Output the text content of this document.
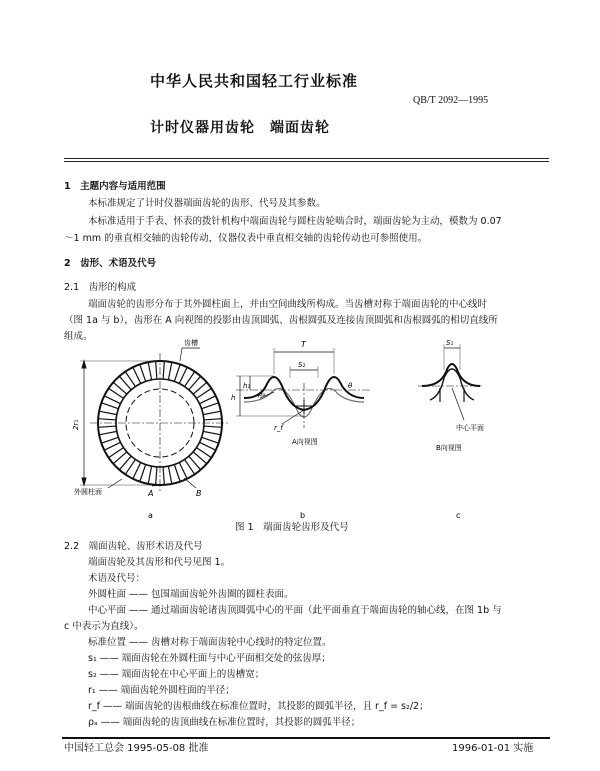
中华人民共和国轻工行业标准
QB/T 2092—1995
计时仪器用齿轮　端面齿轮
1　主题内容与适用范围
本标准规定了计时仪器端面齿轮的齿形、代号及其参数。
本标准适用于手表、怀表的拨针机构中端面齿轮与圆柱齿轮啮合时，端面齿轮为主动，模数为 0.07
～1 mm 的垂直相交轴的齿轮传动，仪器仪表中垂直相交轴的齿轮传动也可参照使用。
2　齿形、术语及代号
2.1　齿形的构成
端面齿轮的齿形分布于其外圆柱面上，并由空间曲线所构成。当齿槽对称于端面齿轮的中心线时
（图 1a 与 b），齿形在 A 向视图的投影由齿顶圆弧、齿根圆弧及连接齿顶圆弧和齿根圆弧的相切直线所
组成。
齿槽
外圆柱面	A	B
2r₁
a
T
S₂
h₁
h	ρₐ
r_f
θ
A向视图
b
S₁
中心平面
B向视图
c
图 1　端面齿轮齿形及代号
2.2　端面齿轮、齿形术语及代号
端面齿轮及其齿形和代号见图 1。
术语及代号：
外圆柱面 —— 包围端面齿轮外齿圈的圆柱表面。
中心平面 —— 通过端面齿轮诸齿顶圆弧中心的平面（此平面垂直于端面齿轮的轴心线，在图 1b 与
c 中表示为直线）。
标准位置 —— 齿槽对称于端面齿轮中心线时的特定位置。
s₁ —— 端面齿轮在外圆柱面与中心平面相交处的弦齿厚；
s₂ —— 端面齿轮在中心平面上的齿槽宽；
r₁ —— 端面齿轮外圆柱面的半径；
r_f —— 端面齿轮的齿根曲线在标准位置时，其投影的圆弧半径，且 r_f = s₂/2；
ρₐ —— 端面齿轮的齿顶曲线在标准位置时，其投影的圆弧半径；
中国轻工总会 1995-05-08 批准	1996-01-01 实施
